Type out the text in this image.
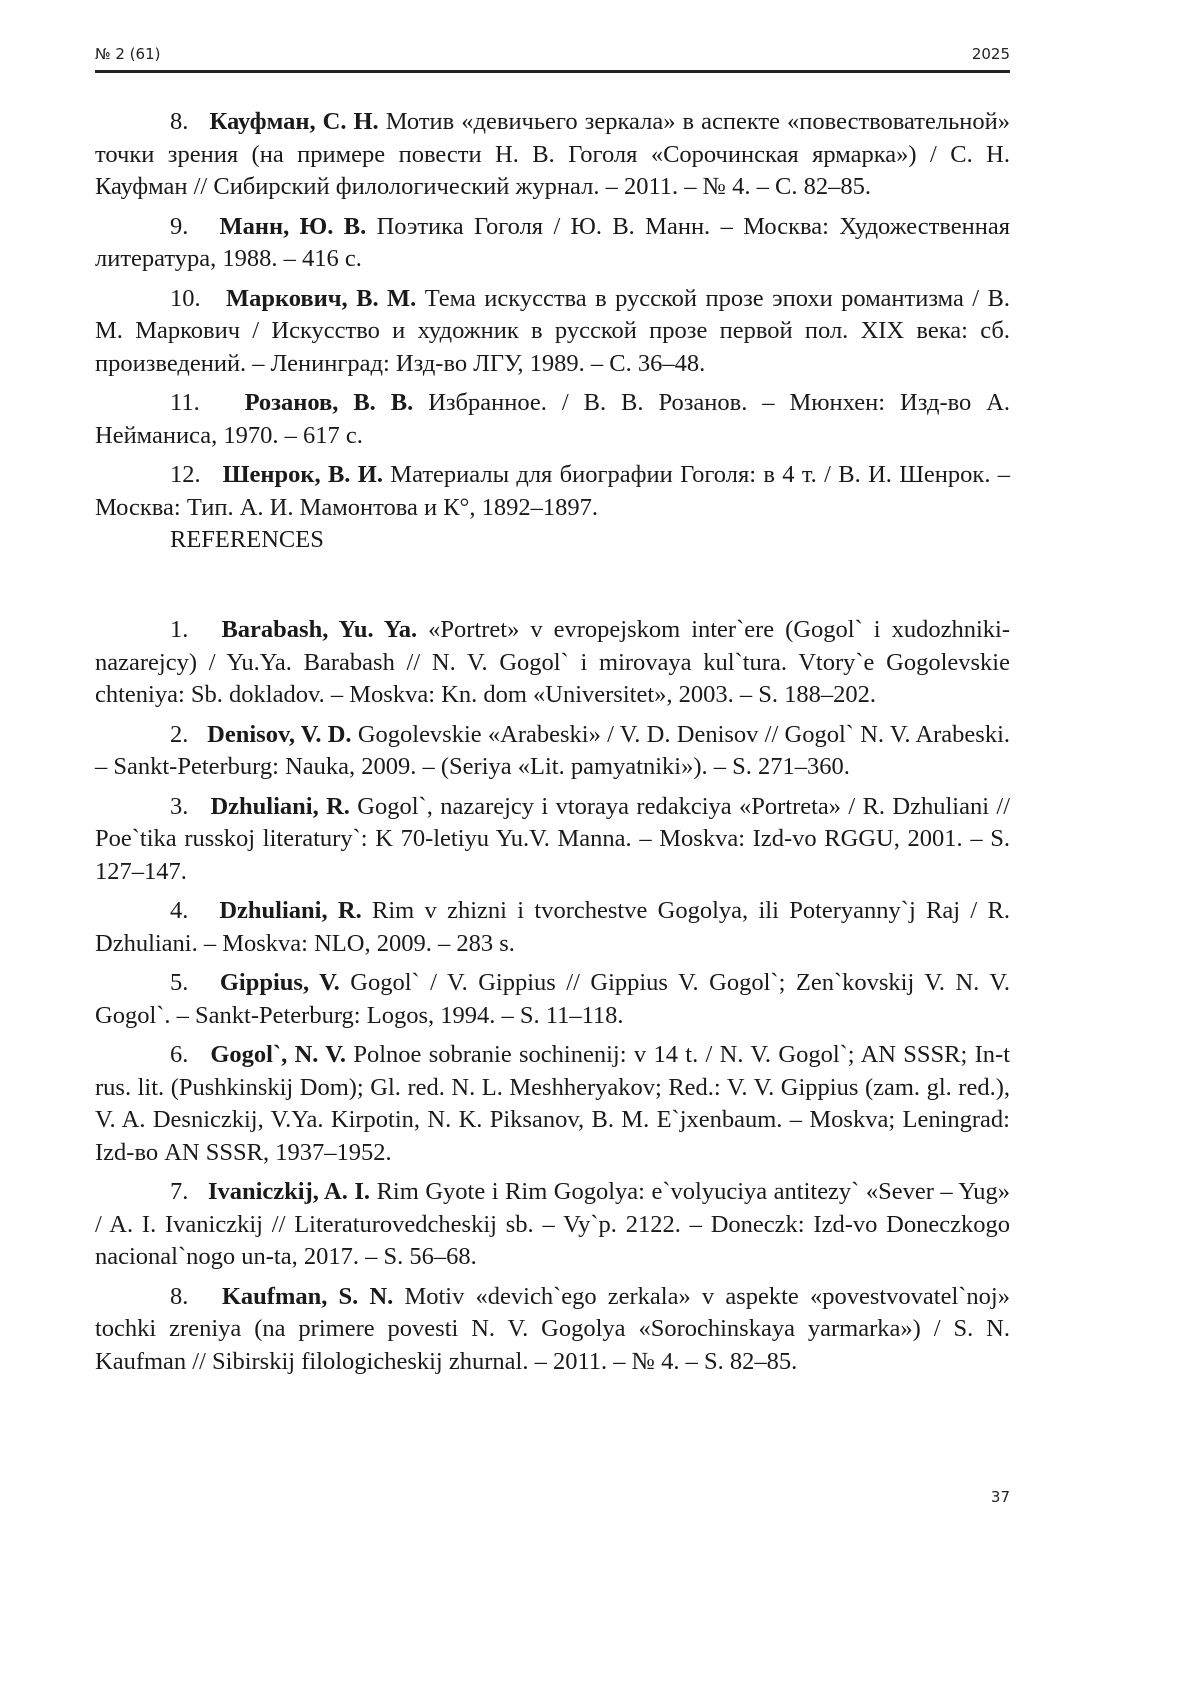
№ 2 (61)	2025

8. Кауфман, С. Н. Мотив «девичьего зеркала» в аспекте «повествовательной» точки зрения (на примере повести Н. В. Гоголя «Сорочинская ярмарка») / С. Н. Кауфман // Сибирский филологический журнал. – 2011. – № 4. – С. 82–85.

9. Манн, Ю. В. Поэтика Гоголя / Ю. В. Манн. – Москва: Художественная литература, 1988. – 416 с.

10. Маркович, В. М. Тема искусства в русской прозе эпохи романтизма / В. М. Маркович / Искусство и художник в русской прозе первой пол. XIX века: сб. произведений. – Ленинград: Изд-во ЛГУ, 1989. – С. 36–48.

11. Розанов, В. В. Избранное. / В. В. Розанов. – Мюнхен: Изд-во А. Нейманиса, 1970. – 617 с.

12. Шенрок, В. И. Материалы для биографии Гоголя: в 4 т. / В. И. Шенрок. – Москва: Тип. А. И. Мамонтова и К°, 1892–1897.

REFERENCES

1. Barabash, Yu. Ya. «Portret» v evropejskom inter`ere (Gogol` i xudozhniki-nazarejcy) / Yu.Ya. Barabash // N. V. Gogol` i mirovaya kul`tura. Vtory`e Gogolevskie chteniya: Sb. dokladov. – Moskva: Kn. dom «Universitet», 2003. – S. 188–202.

2. Denisov, V. D. Gogolevskie «Arabeski» / V. D. Denisov // Gogol` N. V. Arabeski. – Sankt-Peterburg: Nauka, 2009. – (Seriya «Lit. pamyatniki»). – S. 271–360.

3. Dzhuliani, R. Gogol`, nazarejcy i vtoraya redakciya «Portreta» / R. Dzhuliani // Poe`tika russkoj literatury`: K 70-letiyu Yu.V. Manna. – Moskva: Izd-vo RGGU, 2001. – S. 127–147.

4. Dzhuliani, R. Rim v zhizni i tvorchestve Gogolya, ili Poteryanny`j Raj / R. Dzhuliani. – Moskva: NLO, 2009. – 283 s.

5. Gippius, V. Gogol` / V. Gippius // Gippius V. Gogol`; Zen`kovskij V. N. V. Gogol`. – Sankt-Peterburg: Logos, 1994. – S. 11–118.

6. Gogol`, N. V. Polnoe sobranie sochinenij: v 14 t. / N. V. Gogol`; AN SSSR; In-t rus. lit. (Pushkinskij Dom); Gl. red. N. L. Meshheryakov; Red.: V. V. Gippius (zam. gl. red.), V. A. Desniczkij, V.Ya. Kirpotin, N. K. Piksanov, B. M. E`jxenbaum. – Moskva; Leningrad: Izd-во AN SSSR, 1937–1952.

7. Ivaniczkij, A. I. Rim Gyote i Rim Gogolya: e`volyuciya antitezy` «Sever – Yug» / A. I. Ivaniczkij // Literaturovedcheskij sb. – Vy`p. 2122. – Doneczk: Izd-vo Doneczkogo nacional`nogo un-ta, 2017. – S. 56–68.

8. Kaufman, S. N. Motiv «devich`ego zerkala» v aspekte «povestvovatel`noj» tochki zreniya (na primere povesti N. V. Gogolya «Sorochinskaya yarmarka») / S. N. Kaufman // Sibirskij filologicheskij zhurnal. – 2011. – № 4. – S. 82–85.

37
